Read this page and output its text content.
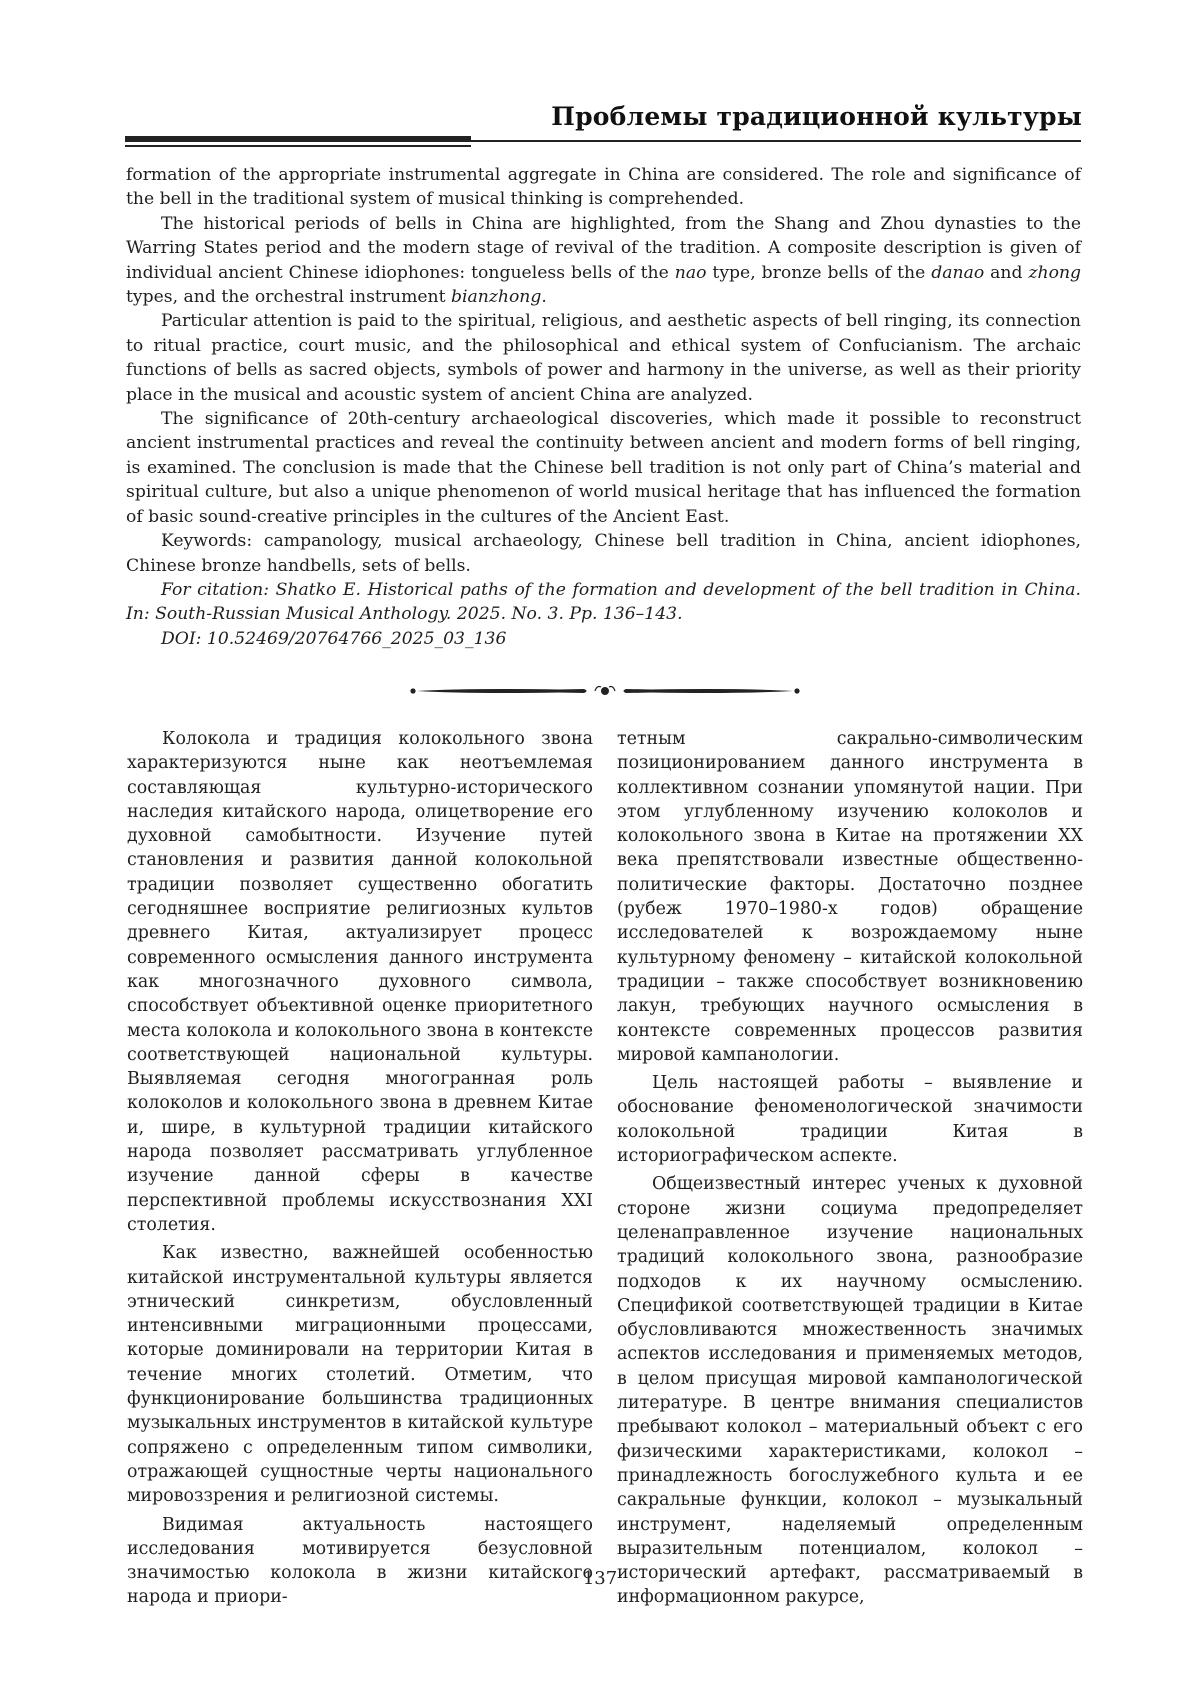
Проблемы традиционной культуры

formation of the appropriate instrumental aggregate in China are considered. The role and significance of the bell in the traditional system of musical thinking is comprehended.

The historical periods of bells in China are highlighted, from the Shang and Zhou dynasties to the Warring States period and the modern stage of revival of the tradition. A composite description is given of individual ancient Chinese idiophones: tongueless bells of the nao type, bronze bells of the danao and zhong types, and the orchestral instrument bianzhong.

Particular attention is paid to the spiritual, religious, and aesthetic aspects of bell ringing, its connection to ritual practice, court music, and the philosophical and ethical system of Confucianism. The archaic functions of bells as sacred objects, symbols of power and harmony in the universe, as well as their priority place in the musical and acoustic system of ancient China are analyzed.

The significance of 20th-century archaeological discoveries, which made it possible to reconstruct ancient instrumental practices and reveal the continuity between ancient and modern forms of bell ringing, is examined. The conclusion is made that the Chinese bell tradition is not only part of China’s material and spiritual culture, but also a unique phenomenon of world musical heritage that has influenced the formation of basic sound-creative principles in the cultures of the Ancient East.

Keywords: campanology, musical archaeology, Chinese bell tradition in China, ancient idiophones, Chinese bronze handbells, sets of bells.

For citation: Shatko E. Historical paths of the formation and development of the bell tradition in China. In: South-Russian Musical Anthology. 2025. No. 3. Pp. 136–143.

DOI: 10.52469/20764766_2025_03_136

Колокола и традиция колокольного звона характеризуются ныне как неотъемлемая составляющая культурно-исторического наследия китайского народа, олицетворение его духовной самобытности. Изучение путей становления и развития данной колокольной традиции позволяет существенно обогатить сегодняшнее восприятие религиозных культов древнего Китая, актуализирует процесс современного осмысления данного инструмента как многозначного духовного символа, способствует объективной оценке приоритетного места колокола и колокольного звона в контексте соответствующей национальной культуры. Выявляемая сегодня многогранная роль колоколов и колокольного звона в древнем Китае и, шире, в культурной традиции китайского народа позволяет рассматривать углубленное изучение данной сферы в качестве перспективной проблемы искусствознания XXI столетия.

Как известно, важнейшей особенностью китайской инструментальной культуры является этнический синкретизм, обусловленный интенсивными миграционными процессами, которые доминировали на территории Китая в течение многих столетий. Отметим, что функционирование большинства традиционных музыкальных инструментов в китайской культуре сопряжено с определенным типом символики, отражающей сущностные черты национального мировоззрения и религиозной системы.

Видимая актуальность настоящего исследования мотивируется безусловной значимостью колокола в жизни китайского народа и приори-

тетным сакрально-символическим позиционированием данного инструмента в коллективном сознании упомянутой нации. При этом углубленному изучению колоколов и колокольного звона в Китае на протяжении XX века препятствовали известные общественно-политические факторы. Достаточно позднее (рубеж 1970–1980-х годов) обращение исследователей к возрождаемому ныне культурному феномену – китайской колокольной традиции – также способствует возникновению лакун, требующих научного осмысления в контексте современных процессов развития мировой кампанологии.

Цель настоящей работы – выявление и обоснование феноменологической значимости колокольной традиции Китая в историографическом аспекте.

Общеизвестный интерес ученых к духовной стороне жизни социума предопределяет целенаправленное изучение национальных традиций колокольного звона, разнообразие подходов к их научному осмыслению. Спецификой соответствующей традиции в Китае обусловливаются множественность значимых аспектов исследования и применяемых методов, в целом присущая мировой кампанологической литературе. В центре внимания специалистов пребывают колокол – материальный объект с его физическими характеристиками, колокол – принадлежность богослужебного культа и ее сакральные функции, колокол – музыкальный инструмент, наделяемый определенным выразительным потенциалом, колокол – исторический артефакт, рассматриваемый в информационном ракурсе,

137
